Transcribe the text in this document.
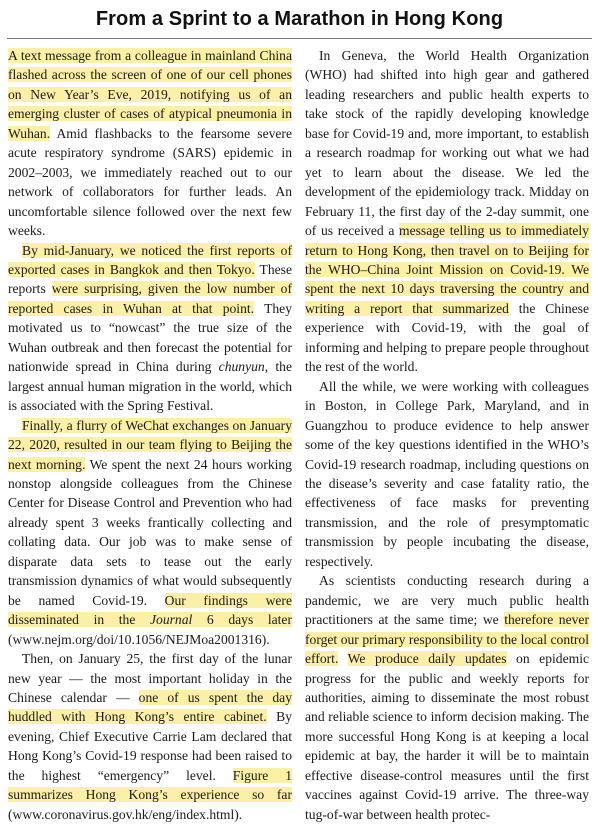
From a Sprint to a Marathon in Hong Kong

A text message from a colleague in mainland China flashed across the screen of one of our cell phones on New Year’s Eve, 2019, notifying us of an emerging cluster of cases of atypical pneumonia in Wuhan. Amid flashbacks to the fearsome severe acute respiratory syndrome (SARS) epidemic in 2002–2003, we immediately reached out to our network of collaborators for further leads. An uncomfortable silence followed over the next few weeks.

By mid-January, we noticed the first reports of exported cases in Bangkok and then Tokyo. These reports were surprising, given the low number of reported cases in Wuhan at that point. They motivated us to “nowcast” the true size of the Wuhan outbreak and then forecast the potential for nationwide spread in China during chunyun, the largest annual human migration in the world, which is associated with the Spring Festival.

Finally, a flurry of WeChat exchanges on January 22, 2020, resulted in our team flying to Beijing the next morning. We spent the next 24 hours working nonstop alongside colleagues from the Chinese Center for Disease Control and Prevention who had already spent 3 weeks frantically collecting and collating data. Our job was to make sense of disparate data sets to tease out the early transmission dynamics of what would subsequently be named Covid-19. Our findings were disseminated in the Journal 6 days later (www.nejm.org/doi/10.1056/NEJMoa2001316).

Then, on January 25, the first day of the lunar new year — the most important holiday in the Chinese calendar — one of us spent the day huddled with Hong Kong’s entire cabinet. By evening, Chief Executive Carrie Lam declared that Hong Kong’s Covid-19 response had been raised to the highest “emergency” level. Figure 1 summarizes Hong Kong’s experience so far (www.coronavirus.gov.hk/eng/index.html).

In Geneva, the World Health Organization (WHO) had shifted into high gear and gathered leading researchers and public health experts to take stock of the rapidly developing knowledge base for Covid-19 and, more important, to establish a research roadmap for working out what we had yet to learn about the disease. We led the development of the epidemiology track. Midday on February 11, the first day of the 2-day summit, one of us received a message telling us to immediately return to Hong Kong, then travel on to Beijing for the WHO–China Joint Mission on Covid-19. We spent the next 10 days traversing the country and writing a report that summarized the Chinese experience with Covid-19, with the goal of informing and helping to prepare people throughout the rest of the world.

All the while, we were working with colleagues in Boston, in College Park, Maryland, and in Guangzhou to produce evidence to help answer some of the key questions identified in the WHO’s Covid-19 research roadmap, including questions on the disease’s severity and case fatality ratio, the effectiveness of face masks for preventing transmission, and the role of presymptomatic transmission by people incubating the disease, respectively.

As scientists conducting research during a pandemic, we are very much public health practitioners at the same time; we therefore never forget our primary responsibility to the local control effort. We produce daily updates on epidemic progress for the public and weekly reports for authorities, aiming to disseminate the most robust and reliable science to inform decision making. The more successful Hong Kong is at keeping a local epidemic at bay, the harder it will be to maintain effective disease-control measures until the first vaccines against Covid-19 arrive. The three-way tug-of-war between health protec-
